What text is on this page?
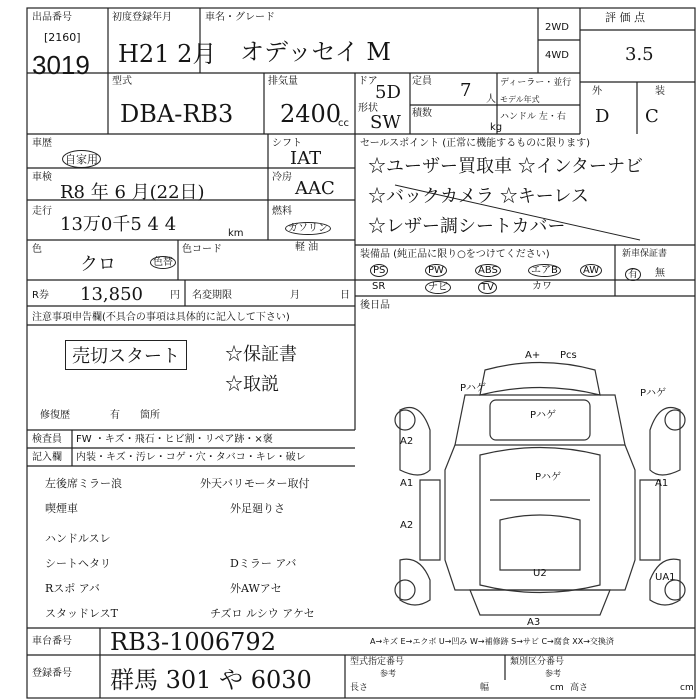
出品番号
[2160]
3019
初度登録年月
H21 2月
車名・グレード
オデッセイ M
2WD
4WD
評 価 点
3.5
外	装
D C
型式
DBA-RB3
排気量
2400
cc
ドア
5D
定員 7 人
ディーラー・並行
モデル年式
形状
SW 積数
kg
ハンドル 左・右
車歴
自家用
シフト
IAT
車検
R8 年 6 月(22日)
冷房
AAC
走行
13万0千5 4 4	km
燃料
ガソリン
軽 油
色
クロ	色替
色コード
セールスポイント (正常に機能するものに限ります)
☆ユーザー買取車 ☆インターナビ
☆バックカメラ ☆キーレス
☆レザー調シートカバー
装備品 (純正品に限り○をつけてください)
PS	PW	ABS	エアB	AW
SR	ナビ	TV	カワ
新車保証書
有	無
R券 13,850	円 名変期限	月	日
後日品
注意事項申告欄(不具合の事項は具体的に記入して下さい)
売切スタート	☆保証書
☆取説
修復歴	有 箇所
検査員
記入欄
FW ・キズ・飛石・ヒビ割・リペア跡・×褒
内装・キズ・汚レ・コゲ・穴・タバコ・キレ・破レ
左後席ミラー浪
喫煙車
ハンドルスレ
シートヘタリ
Rスポ アバ
スタッドレスT
外天バリモーター取付
外足廻りさ
Dミラー アバ
外AWアセ
チズロ ルシウ アケセ
A+ Pcs
Pハゲ	Pハゲ
Pハゲ
Pハゲ
A2
A1
A2
A1
U2	UA1
A3
A→キズ E→エクボ U→凹み W→補修跡 S→サビ C→腐食 XX→交換済
車台番号 RB3-1006792
登録番号 群馬 301 や 6030
型式指定番号	類別区分番号
参考	参考
長さ	幅	高さ
cm	cm
